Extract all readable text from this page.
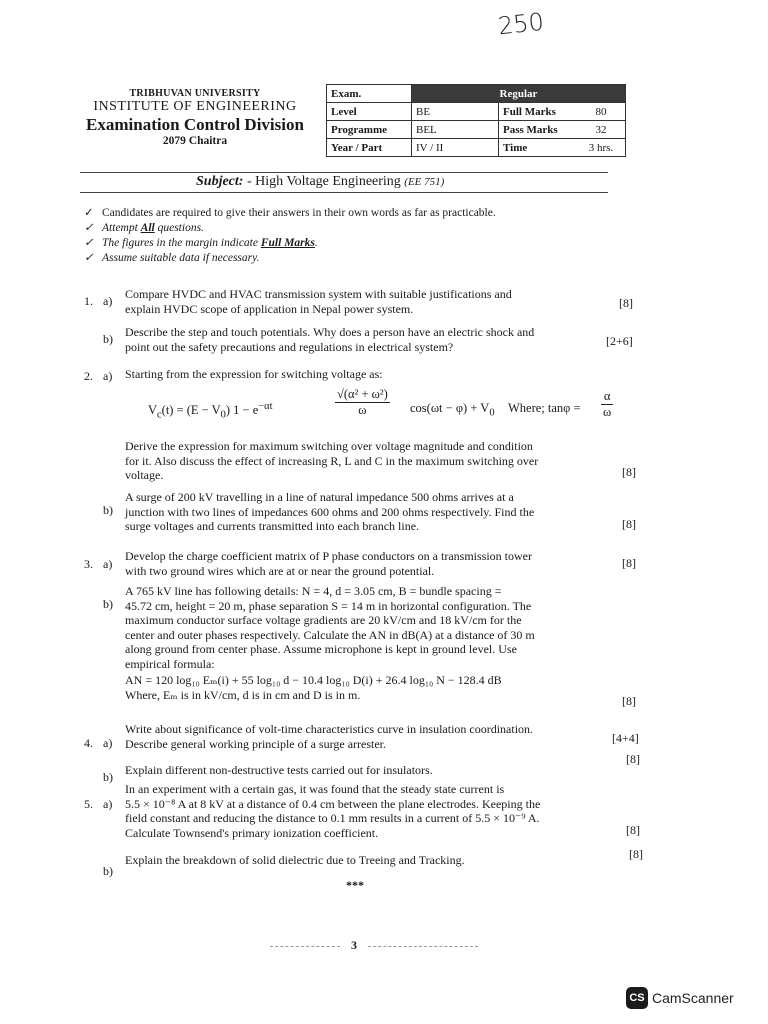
250
TRIBHUVAN UNIVERSITY
INSTITUTE OF ENGINEERING
Examination Control Division
2079 Chaitra
Exam.	Regular		
Level	BE	Full Marks	80
Programme	BEL	Pass Marks	32
Year / Part	IV / II	Time	3 hrs.
Subject: - High Voltage Engineering (EE 751)
✓ Candidates are required to give their answers in their own words as far as practicable.
✓ Attempt All questions.
✓ The figures in the margin indicate Full Marks.
✓ Assume suitable data if necessary.
1. a) Compare HVDC and HVAC transmission system with suitable justifications and
explain HVDC scope of application in Nepal power system.	[8]
b) Describe the step and touch potentials. Why does a person have an electric shock and
point out the safety precautions and regulations in electrical system?	[2+6]
2. a) Starting from the expression for switching voltage as:
$V_c(t) = (E - V_0) 1 - e^{-\alpha t}$	$\frac{\text{√(α² + ω²)}}{\omega} \cos(\omega t - \varphi) + V_0$ Where; $\tan\varphi = \frac{\alpha}{\omega}$
Derive the expression for maximum switching over voltage magnitude and condition
for it. Also discuss the effect of increasing R, L and C in the maximum switching over
voltage.	[8]
b)
A surge of 200 kV travelling in a line of natural impedance 500 ohms arrives at a
junction with two lines of impedances 600 ohms and 200 ohms respectively. Find the
surge voltages and currents transmitted into each branch line.	[8]
3. a)
Develop the charge coefficient matrix of P phase conductors on a transmission tower
with two ground wires which are at or near the ground potential.
[8]
b)
A 765 kV line has following details: N = 4, d = 3.05 cm, B = bundle spacing =
45.72 cm, height = 20 m, phase separation S = 14 m in horizontal configuration. The
maximum conductor surface voltage gradients are 20 kV/cm and 18 kV/cm for the
center and outer phases respectively. Calculate the AN in dB(A) at a distance of 30 m
along ground from center phase. Assume microphone is kept in ground level. Use
empirical formula:
AN = 120 log₁₀ Eₘ(i) + 55 log₁₀ d − 10.4 log₁₀ D(i) + 26.4 log₁₀ N − 128.4 dB
Where, Eₘ is in kV/cm, d is in cm and D is in m.	[8]
4. a)
Write about significance of volt-time characteristics curve in insulation coordination.
Describe general working principle of a surge arrester.	[4+4]
b) Explain different non-destructive tests carried out for insulators.
[8]
5. a)
In an experiment with a certain gas, it was found that the steady state current is
5.5 × 10⁻⁸ A at 8 kV at a distance of 0.4 cm between the plane electrodes. Keeping the
field constant and reducing the distance to 0.1 mm results in a current of 5.5 × 10⁻⁹ A.
Calculate Townsend's primary ionization coefficient.	[8]
b)
Explain the breakdown of solid dielectric due to Treeing and Tracking.	[8]
***
3
CS CamScanner
